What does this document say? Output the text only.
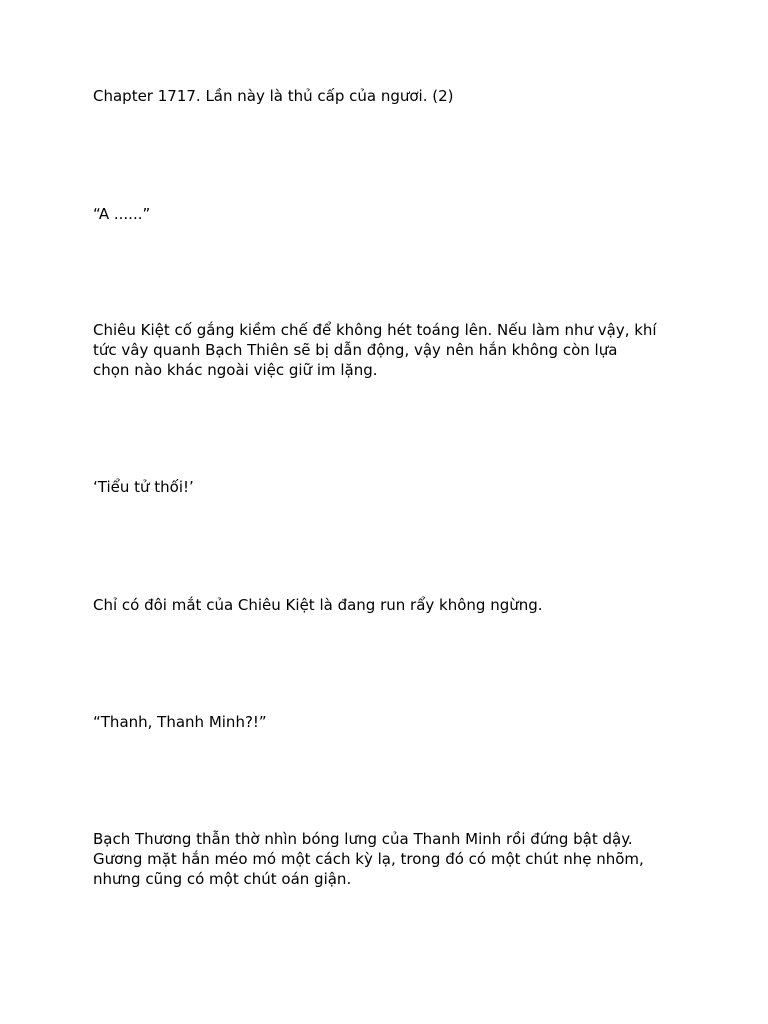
Chapter 1717. Lần này là thủ cấp của ngươi. (2)

“A ......”

Chiêu Kiệt cố gắng kiềm chế để không hét toáng lên. Nếu làm như vậy, khí
tức vây quanh Bạch Thiên sẽ bị dẫn động, vậy nên hắn không còn lựa
chọn nào khác ngoài việc giữ im lặng.

‘Tiểu tử thối!’

Chỉ có đôi mắt của Chiêu Kiệt là đang run rẩy không ngừng.

“Thanh, Thanh Minh?!”

Bạch Thương thẫn thờ nhìn bóng lưng của Thanh Minh rồi đứng bật dậy.
Gương mặt hắn méo mó một cách kỳ lạ, trong đó có một chút nhẹ nhõm,
nhưng cũng có một chút oán giận.
